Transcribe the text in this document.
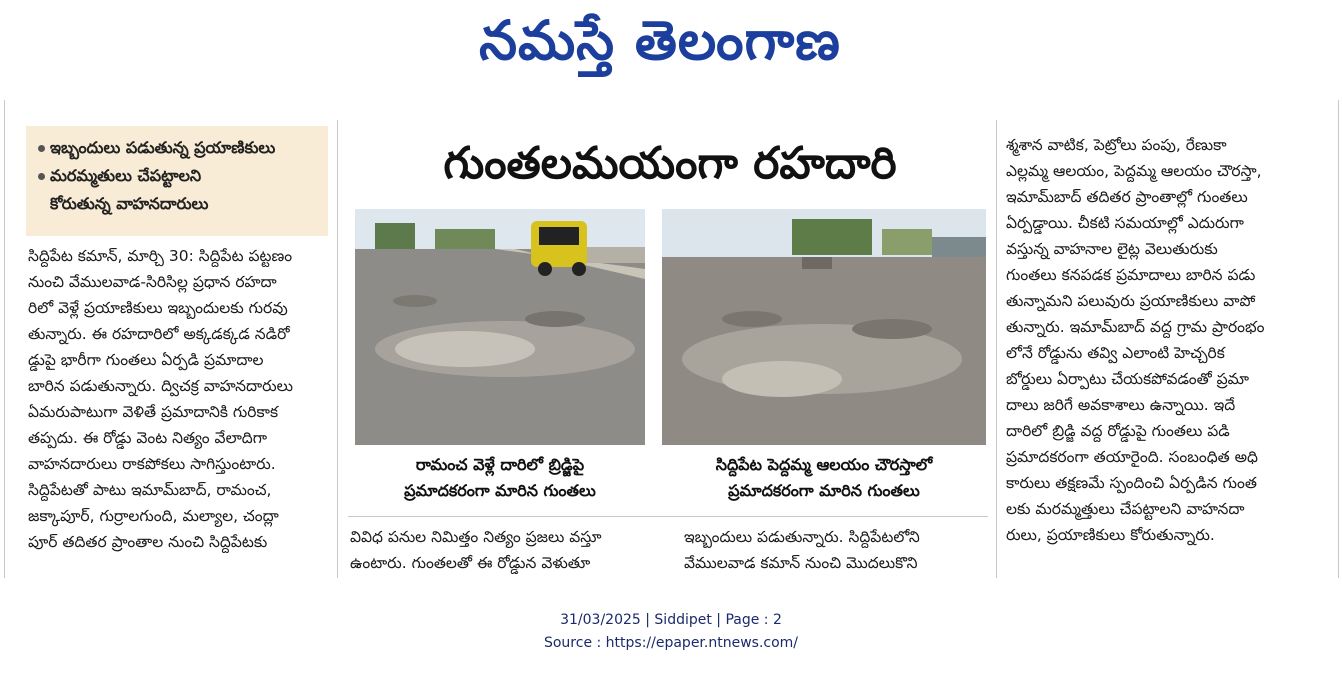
నమస్తే తెలంగాణ
ఇబ్బందులు పడుతున్న ప్రయాణికులు
మరమ్మతులు చేపట్టాలని
కోరుతున్న వాహనదారులు

సిద్దిపేట కమాన్, మార్చి 30: సిద్దిపేట పట్టణం

నుంచి వేములవాడ-సిరిసిల్ల ప్రధాన రహదా

రిలో వెళ్లే ప్రయాణికులు ఇబ్బందులకు గురవు

తున్నారు. ఈ రహదారిలో అక్కడక్కడ నడిరో

డ్డుపై భారీగా గుంతలు ఏర్పడి ప్రమాదాల

బారిన పడుతున్నారు. ద్విచక్ర వాహనదారులు

ఏమరుపాటుగా వెళితే ప్రమాదానికి గురికాక

తప్పదు. ఈ రోడ్డు వెంట నిత్యం వేలాదిగా

వాహనదారులు రాకపోకలు సాగిస్తుంటారు.

సిద్దిపేటతో పాటు ఇమామ్‌బాద్, రామంచ,

జక్కాపూర్, గుర్రాలగుంది, మల్యాల, చంద్లా

పూర్ తదితర ప్రాంతాల నుంచి సిద్దిపేటకు

గుంతలమయంగా రహదారి
రామంచ వెళ్లే దారిలో బ్రిడ్జిపై
ప్రమాదకరంగా మారిన గుంతలు
సిద్దిపేట పెద్దమ్మ ఆలయం చౌరస్తాలో
ప్రమాదకరంగా మారిన గుంతలు

వివిధ పనుల నిమిత్తం నిత్యం ప్రజలు వస్తూ

ఉంటారు. గుంతలతో ఈ రోడ్డున వెళుతూ

ఇబ్బందులు పడుతున్నారు. సిద్దిపేటలోని

వేములవాడ కమాన్ నుంచి మొదలుకొని

శ్మశాన వాటిక, పెట్రోలు పంపు, రేణుకా

ఎల్లమ్మ ఆలయం, పెద్దమ్మ ఆలయం చౌరస్తా,

ఇమామ్‌బాద్ తదితర ప్రాంతాల్లో గుంతలు

ఏర్పడ్డాయి. చీకటి సమయాల్లో ఎదురుగా

వస్తున్న వాహనాల లైట్ల వెలుతురుకు

గుంతలు కనపడక ప్రమాదాలు బారిన పడు

తున్నామని పలువురు ప్రయాణికులు వాపో

తున్నారు. ఇమామ్‌బాద్ వద్ద గ్రామ ప్రారంభం

లోనే రోడ్డును తవ్వి ఎలాంటి హెచ్చరిక

బోర్డులు ఏర్పాటు చేయకపోవడంతో ప్రమా

దాలు జరిగే అవకాశాలు ఉన్నాయి. ఇదే

దారిలో బ్రిడ్జి వద్ద రోడ్డుపై గుంతలు పడి

ప్రమాదకరంగా తయారైంది. సంబంధిత అధి

కారులు తక్షణమే స్పందించి ఏర్పడిన గుంత

లకు మరమ్మత్తులు చేపట్టాలని వాహనదా

రులు, ప్రయాణికులు కోరుతున్నారు.

31/03/2025 | Siddipet | Page : 2
Source : https://epaper.ntnews.com/
